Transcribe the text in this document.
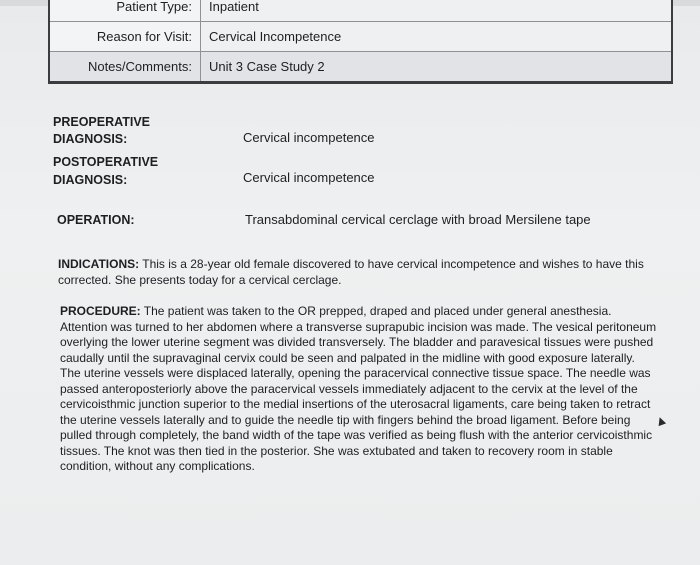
Patient Type:	Inpatient
Reason for Visit:	Cervical Incompetence
Notes/Comments:	Unit 3 Case Study 2
PREOPERATIVE
DIAGNOSIS:	Cervical incompetence
POSTOPERATIVE
DIAGNOSIS:	Cervical incompetence
OPERATION:	Transabdominal cervical cerclage with broad Mersilene tape

INDICATIONS: This is a 28-year old female discovered to have cervical incompetence and wishes to have this corrected. She presents today for a cervical cerclage.

PROCEDURE: The patient was taken to the OR prepped, draped and placed under general anesthesia. Attention was turned to her abdomen where a transverse suprapubic incision was made. The vesical peritoneum overlying the lower uterine segment was divided transversely. The bladder and paravesical tissues were pushed caudally until the supravaginal cervix could be seen and palpated in the midline with good exposure laterally. The uterine vessels were displaced laterally, opening the paracervical connective tissue space. The needle was passed anteroposteriorly above the paracervical vessels immediately adjacent to the cervix at the level of the cervicoisthmic junction superior to the medial insertions of the uterosacral ligaments, care being taken to retract the uterine vessels laterally and to guide the needle tip with fingers behind the broad ligament. Before being pulled through completely, the band width of the tape was verified as being flush with the anterior cervicoisthmic tissues. The knot was then tied in the posterior. She was extubated and taken to recovery room in stable condition, without any complications.
